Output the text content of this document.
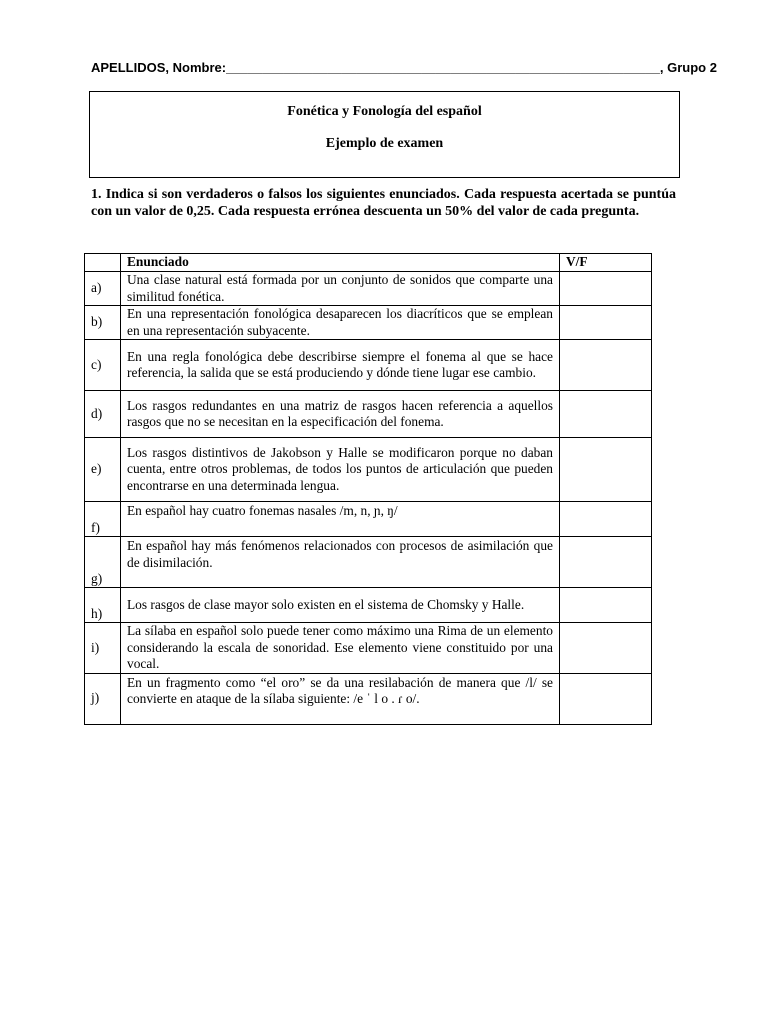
APELLIDOS, Nombre:____________________________________________________________, Grupo 2
Fonética y Fonología del español
Ejemplo de examen
1. Indica si son verdaderos o falsos los siguientes enunciados. Cada respuesta acertada se puntúa con un valor de 0,25. Cada respuesta errónea descuenta un 50% del valor de cada pregunta.
	Enunciado	V/F
a)	Una clase natural está formada por un conjunto de sonidos que comparte una similitud fonética.	
b)	En una representación fonológica desaparecen los diacríticos que se emplean en una representación subyacente.	
c)	En una regla fonológica debe describirse siempre el fonema al que se hace referencia, la salida que se está produciendo y dónde tiene lugar ese cambio.	
d)	Los rasgos redundantes en una matriz de rasgos hacen referencia a aquellos rasgos que no se necesitan en la especificación del fonema.	
e)	Los rasgos distintivos de Jakobson y Halle se modificaron porque no daban cuenta, entre otros problemas, de todos los puntos de articulación que pueden encontrarse en una determinada lengua.	
f)	En español hay cuatro fonemas nasales /m, n, ɲ, ŋ/	
g)	En español hay más fenómenos relacionados con procesos de asimilación que de disimilación.	
h)	Los rasgos de clase mayor solo existen en el sistema de Chomsky y Halle.	
i)	La sílaba en español solo puede tener como máximo una Rima de un elemento considerando la escala de sonoridad. Ese elemento viene constituido por una vocal.	
j)	En un fragmento como “el oro” se da una resilabación de manera que /l/ se convierte en ataque de la sílaba siguiente: /e ˈ l o . ɾ o/.	
